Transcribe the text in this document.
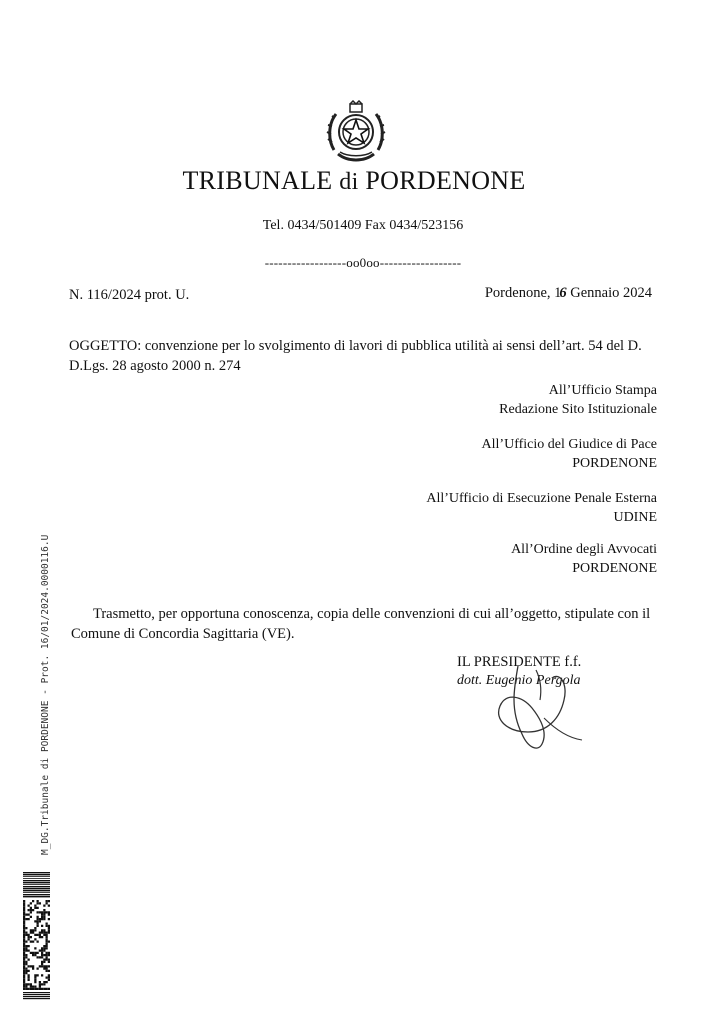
TRIBUNALE di PORDENONE
Tel. 0434/501409 Fax 0434/523156
------------------oo0oo------------------
N. 116/2024 prot. U.	Pordenone, 16 Gennaio 2024
OGGETTO: convenzione per lo svolgimento di lavori di pubblica utilità ai sensi dell’art. 54 del D.
D.Lgs. 28 agosto 2000 n. 274
All’Ufficio Stampa
Redazione Sito Istituzionale
All’Ufficio del Giudice di Pace
PORDENONE
All’Ufficio di Esecuzione Penale Esterna
UDINE
All’Ordine degli Avvocati
PORDENONE
Trasmetto, per opportuna conoscenza, copia delle convenzioni di cui all’oggetto, stipulate con il Comune di Concordia Sagittaria (VE).
IL PRESIDENTE f.f.
dott. Eugenio Pergola
M_DG.Tribunale di PORDENONE - Prot. 16/01/2024.0000116.U
